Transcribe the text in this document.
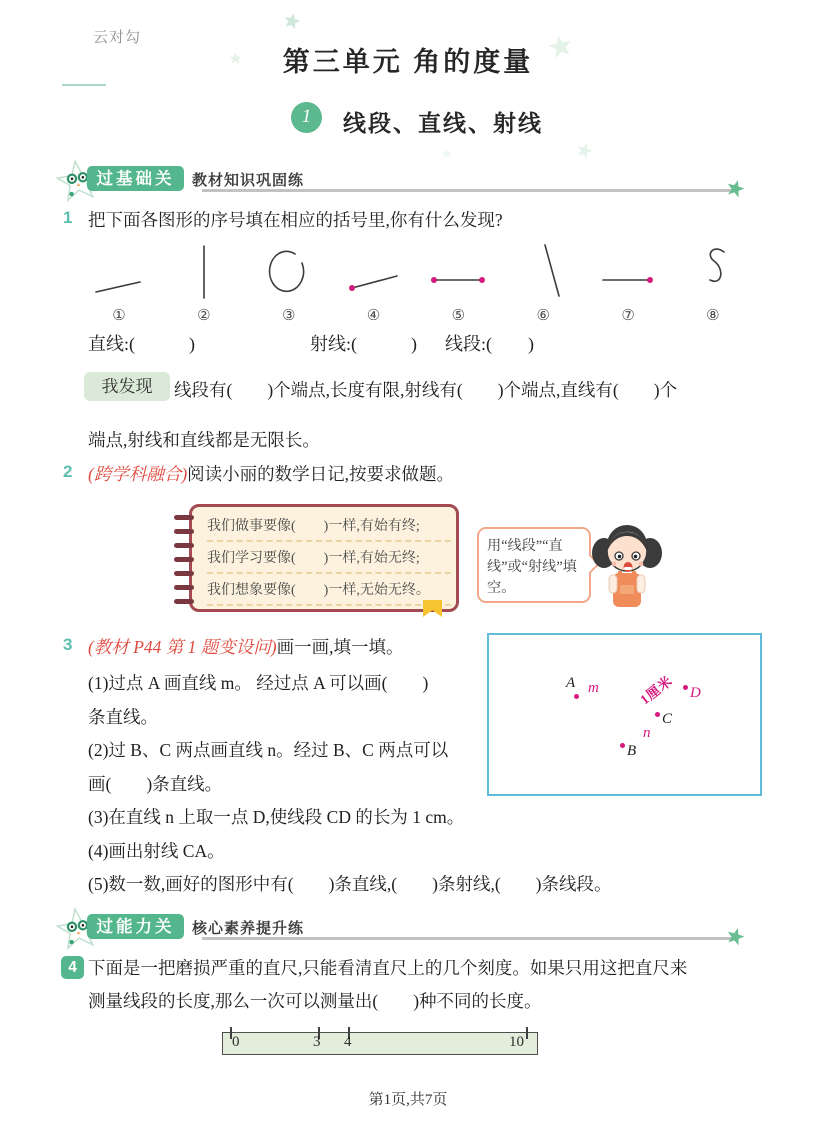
云对勾
第三单元 角的度量
1	线段、直线、射线
过基础关	教材知识巩固练
1 把下面各图形的序号填在相应的括号里,你有什么发现?
①	②	③	④	⑤	⑥	⑦	⑧
直线:(　　　)	射线:(　　　) 线段:(　　)
我发现	线段有(　　)个端点,长度有限,射线有(　　)个端点,直线有(　　)个
端点,射线和直线都是无限长。
2 (跨学科融合)阅读小丽的数学日记,按要求做题。
我们做事要像(　　)一样,有始有终;
我们学习要像(　　)一样,有始无终;
我们想象要像(　　)一样,无始无终。
用“线段”“直线”或“射线”填空。
3 (教材 P44 第 1 题变设问)画一画,填一填。
(1)过点 A 画直线 m。 经过点 A 可以画(　　)
条直线。
(2)过 B、C 两点画直线 n。经过 B、C 两点可以
画(　　)条直线。
(3)在直线 n 上取一点 D,使线段 CD 的长为 1 cm。
(4)画出射线 CA。
(5)数一数,画好的图形中有(　　)条直线,(　　)条射线,(　　)条线段。
A m	1厘米 D
C
n
B
过能力关	核心素养提升练
4 下面是一把磨损严重的直尺,只能看清直尺上的几个刻度。如果只用这把直尺来
测量线段的长度,那么一次可以测量出(　　)种不同的长度。
0	3 4	10
第1页,共7页
